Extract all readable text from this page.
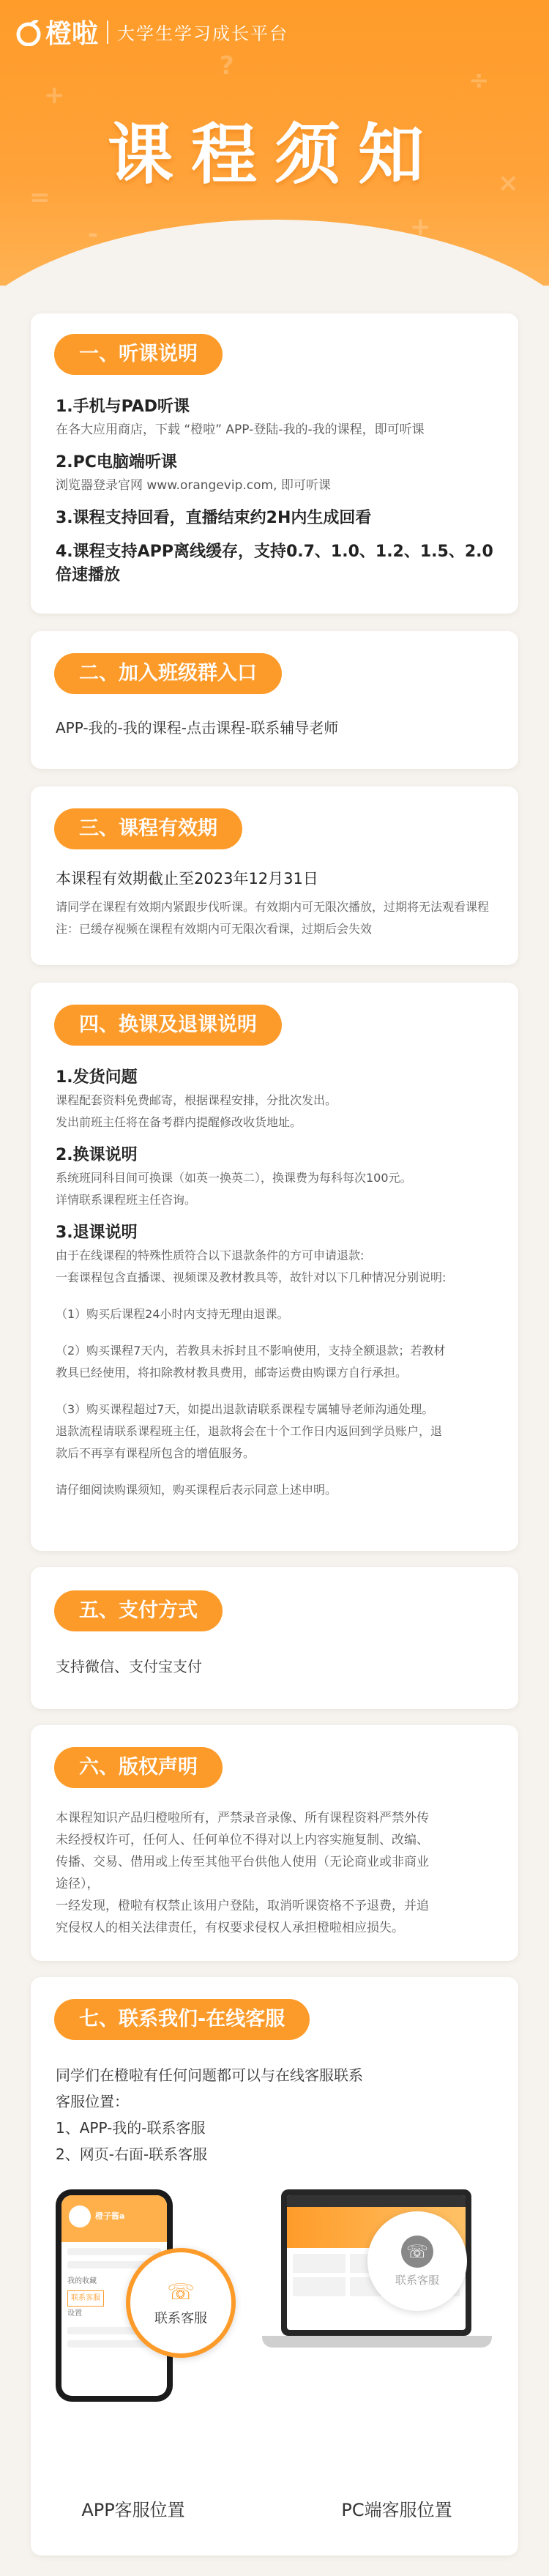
+
=
÷
×
-	+
?
橙啦 大学生学习成长平台
课程须知
一、听课说明
1.手机与PAD听课
在各大应用商店，下载 “橙啦” APP-登陆-我的-我的课程，即可听课
2.PC电脑端听课
浏览器登录官网 www.orangevip.com, 即可听课
3.课程支持回看，直播结束约2H内生成回看
4.课程支持APP离线缓存，支持0.7、1.0、1.2、1.5、2.0倍速播放
二、加入班级群入口
APP-我的-我的课程-点击课程-联系辅导老师
三、课程有效期
本课程有效期截止至2023年12月31日
请同学在课程有效期内紧跟步伐听课。有效期内可无限次播放，过期将无法观看课程
注：已缓存视频在课程有效期内可无限次看课，过期后会失效
四、换课及退课说明
1.发货问题
课程配套资料免费邮寄，根据课程安排，分批次发出。
发出前班主任将在备考群内提醒修改收货地址。
2.换课说明
系统班同科目间可换课（如英一换英二），换课费为每科每次100元。
详情联系课程班主任咨询。
3.退课说明
由于在线课程的特殊性质符合以下退款条件的方可申请退款:
一套课程包含直播课、视频课及教材教具等，故针对以下几种情况分别说明:
（1）购买后课程24小时内支持无理由退课。
（2）购买课程7天内，若教具未拆封且不影响使用，支持全额退款；若教材
教具已经使用，将扣除教材教具费用，邮寄运费由购课方自行承担。
（3）购买课程超过7天，如提出退款请联系课程专属辅导老师沟通处理。
退款流程请联系课程班主任，退款将会在十个工作日内返回到学员账户，退
款后不再享有课程所包含的增值服务。
请仔细阅读购课须知，购买课程后表示同意上述申明。
五、支付方式
支持微信、支付宝支付
六、版权声明
本课程知识产品归橙啦所有，严禁录音录像、所有课程资料严禁外传
未经授权许可，任何人、任何单位不得对以上内容实施复制、改编、
传播、交易、借用或上传至其他平台供他人使用（无论商业或非商业
途径），
一经发现，橙啦有权禁止该用户登陆，取消听课资格不予退费，并追
究侵权人的相关法律责任，有权要求侵权人承担橙啦相应损失。
七、联系我们-在线客服
同学们在橙啦有任何问题都可以与在线客服联系
客服位置：
1、APP-我的-联系客服
2、网页-右面-联系客服
橙子酱a
我的收藏
联系客服
设置
☏
联系客服
☏
联系客服
APP客服位置	PC端客服位置
